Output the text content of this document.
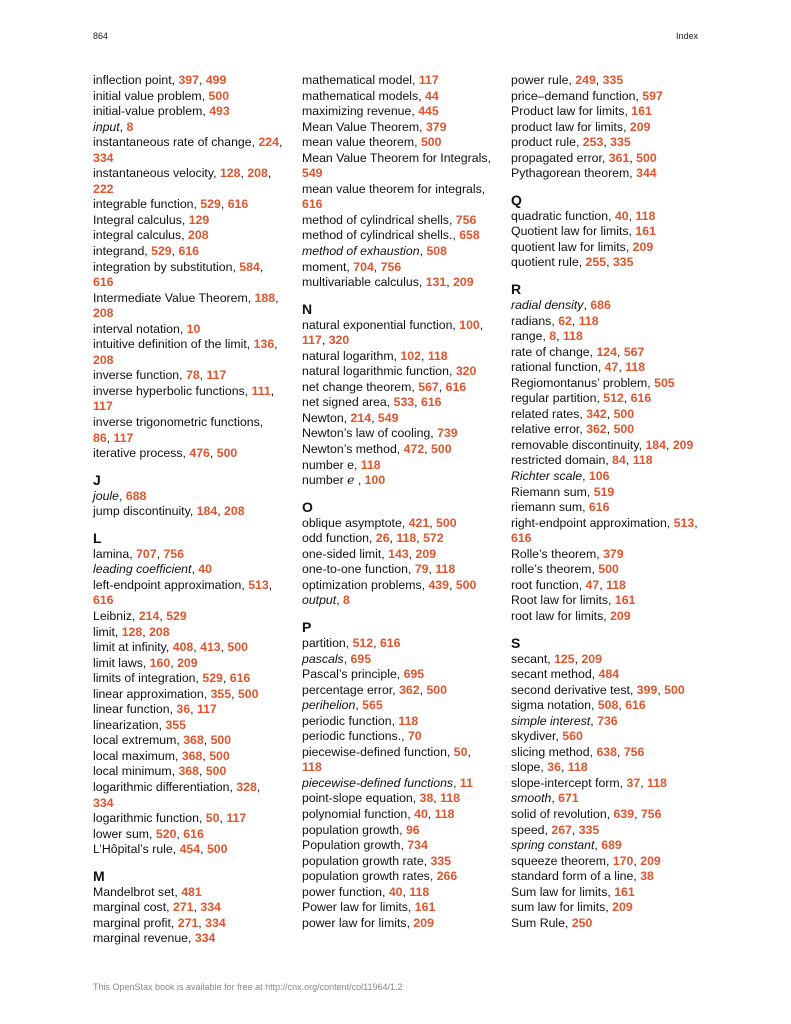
864	Index
inflection point, 397, 499
initial value problem, 500
initial-value problem, 493
input, 8
instantaneous rate of change, 224, 334
instantaneous velocity, 128, 208, 222
integrable function, 529, 616
Integral calculus, 129
integral calculus, 208
integrand, 529, 616
integration by substitution, 584, 616
Intermediate Value Theorem, 188, 208
interval notation, 10
intuitive definition of the limit, 136, 208
inverse function, 78, 117
inverse hyperbolic functions, 111, 117
inverse trigonometric functions, 86, 117
iterative process, 476, 500
J
joule, 688
jump discontinuity, 184, 208
L
lamina, 707, 756
leading coefficient, 40
left-endpoint approximation, 513, 616
Leibniz, 214, 529
limit, 128, 208
limit at infinity, 408, 413, 500
limit laws, 160, 209
limits of integration, 529, 616
linear approximation, 355, 500
linear function, 36, 117
linearization, 355
local extremum, 368, 500
local maximum, 368, 500
local minimum, 368, 500
logarithmic differentiation, 328, 334
logarithmic function, 50, 117
lower sum, 520, 616
L’Hôpital’s rule, 454, 500
M
Mandelbrot set, 481
marginal cost, 271, 334
marginal profit, 271, 334
marginal revenue, 334
mathematical model, 117
mathematical models, 44
maximizing revenue, 445
Mean Value Theorem, 379
mean value theorem, 500
Mean Value Theorem for Integrals, 549
mean value theorem for integrals, 616
method of cylindrical shells, 756
method of cylindrical shells., 658
method of exhaustion, 508
moment, 704, 756
multivariable calculus, 131, 209
N
natural exponential function, 100, 117, 320
natural logarithm, 102, 118
natural logarithmic function, 320
net change theorem, 567, 616
net signed area, 533, 616
Newton, 214, 549
Newton’s law of cooling, 739
Newton’s method, 472, 500
number e, 118
number e , 100
O
oblique asymptote, 421, 500
odd function, 26, 118, 572
one-sided limit, 143, 209
one-to-one function, 79, 118
optimization problems, 439, 500
output, 8
P
partition, 512, 616
pascals, 695
Pascal’s principle, 695
percentage error, 362, 500
perihelion, 565
periodic function, 118
periodic functions., 70
piecewise-defined function, 50, 118
piecewise-defined functions, 11
point-slope equation, 38, 118
polynomial function, 40, 118
population growth, 96
Population growth, 734
population growth rate, 335
population growth rates, 266
power function, 40, 118
Power law for limits, 161
power law for limits, 209
power rule, 249, 335
price–demand function, 597
Product law for limits, 161
product law for limits, 209
product rule, 253, 335
propagated error, 361, 500
Pythagorean theorem, 344
Q
quadratic function, 40, 118
Quotient law for limits, 161
quotient law for limits, 209
quotient rule, 255, 335
R
radial density, 686
radians, 62, 118
range, 8, 118
rate of change, 124, 567
rational function, 47, 118
Regiomontanus’ problem, 505
regular partition, 512, 616
related rates, 342, 500
relative error, 362, 500
removable discontinuity, 184, 209
restricted domain, 84, 118
Richter scale, 106
Riemann sum, 519
riemann sum, 616
right-endpoint approximation, 513, 616
Rolle’s theorem, 379
rolle’s theorem, 500
root function, 47, 118
Root law for limits, 161
root law for limits, 209
S
secant, 125, 209
secant method, 484
second derivative test, 399, 500
sigma notation, 508, 616
simple interest, 736
skydiver, 560
slicing method, 638, 756
slope, 36, 118
slope-intercept form, 37, 118
smooth, 671
solid of revolution, 639, 756
speed, 267, 335
spring constant, 689
squeeze theorem, 170, 209
standard form of a line, 38
Sum law for limits, 161
sum law for limits, 209
Sum Rule, 250
This OpenStax book is available for free at http://cnx.org/content/col11964/1.2
